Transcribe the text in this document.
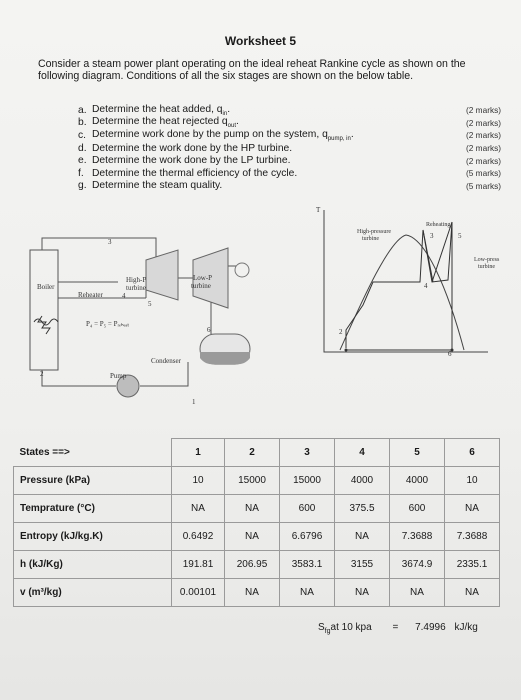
Worksheet 5
Consider a steam power plant operating on the ideal reheat Rankine cycle as shown on the following diagram. Conditions of all the six stages are shown on the below table.
a. Determine the heat added, $q_{in}$.	(2 marks)
b. Determine the heat rejected $q_{out}$.	(2 marks)
c. Determine work done by the pump on the system, $q_{pump, in}$.	(2 marks)
d. Determine the work done by the HP turbine.	(2 marks)
e. Determine the work done by the LP turbine.	(2 marks)
f. Determine the thermal efficiency of the cycle.	(5 marks)
g. Determine the steam quality.	(5 marks)
Boiler
Reheater
High-P
turbine
Low-P
turbine
Condenser
Pump
P₄ = P₅ = Pᵣₑₕₑₐₜ
3
4
5
6
2
1
T
Reheating
High-pressure
turbine
Low-press
turbine
3	5
4
6
2
States ==>	1	2	3	4	5	6
Pressure (kPa)	10	15000	15000	4000	4000	10
Temprature (°C)	NA	NA	600	375.5	600	NA
Entropy (kJ/kg.K)	0.6492	NA	6.6796	NA	7.3688	7.3688
h (kJ/Kg)	191.81	206.95	3583.1	3155	3674.9	2335.1
v (m³/kg)	0.00101	NA	NA	NA	NA	NA
$S_{fg}at$ 10 kpa = 7.4996 kJ/kg
